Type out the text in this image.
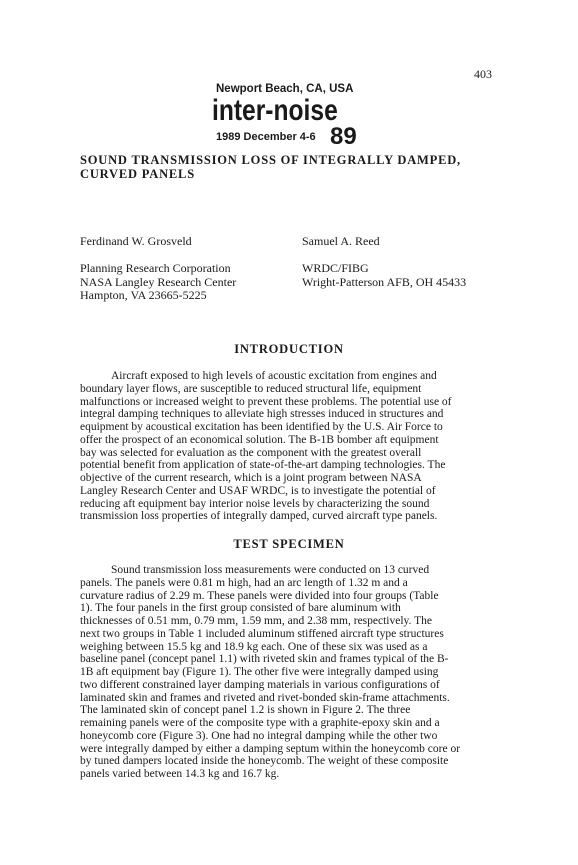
403
Newport Beach, CA, USA
inter-noise
1989 December 4-6 89
SOUND TRANSMISSION LOSS OF INTEGRALLY DAMPED,
CURVED PANELS
Ferdinand W. Grosveld	Samuel A. Reed
Planning Research Corporation
NASA Langley Research Center
Hampton, VA 23665-5225
WRDC/FIBG
Wright-Patterson AFB, OH 45433
INTRODUCTION
Aircraft exposed to high levels of acoustic excitation from engines and
boundary layer flows, are susceptible to reduced structural life, equipment
malfunctions or increased weight to prevent these problems. The potential use of
integral damping techniques to alleviate high stresses induced in structures and
equipment by acoustical excitation has been identified by the U.S. Air Force to
offer the prospect of an economical solution. The B-1B bomber aft equipment
bay was selected for evaluation as the component with the greatest overall
potential benefit from application of state-of-the-art damping technologies. The
objective of the current research, which is a joint program between NASA
Langley Research Center and USAF WRDC, is to investigate the potential of
reducing aft equipment bay interior noise levels by characterizing the sound
transmission loss properties of integrally damped, curved aircraft type panels.
TEST SPECIMEN
Sound transmission loss measurements were conducted on 13 curved
panels. The panels were 0.81 m high, had an arc length of 1.32 m and a
curvature radius of 2.29 m. These panels were divided into four groups (Table
1). The four panels in the first group consisted of bare aluminum with
thicknesses of 0.51 mm, 0.79 mm, 1.59 mm, and 2.38 mm, respectively. The
next two groups in Table 1 included aluminum stiffened aircraft type structures
weighing between 15.5 kg and 18.9 kg each. One of these six was used as a
baseline panel (concept panel 1.1) with riveted skin and frames typical of the B-
1B aft equipment bay (Figure 1). The other five were integrally damped using
two different constrained layer damping materials in various configurations of
laminated skin and frames and riveted and rivet-bonded skin-frame attachments.
The laminated skin of concept panel 1.2 is shown in Figure 2. The three
remaining panels were of the composite type with a graphite-epoxy skin and a
honeycomb core (Figure 3). One had no integral damping while the other two
were integrally damped by either a damping septum within the honeycomb core or
by tuned dampers located inside the honeycomb. The weight of these composite
panels varied between 14.3 kg and 16.7 kg.
